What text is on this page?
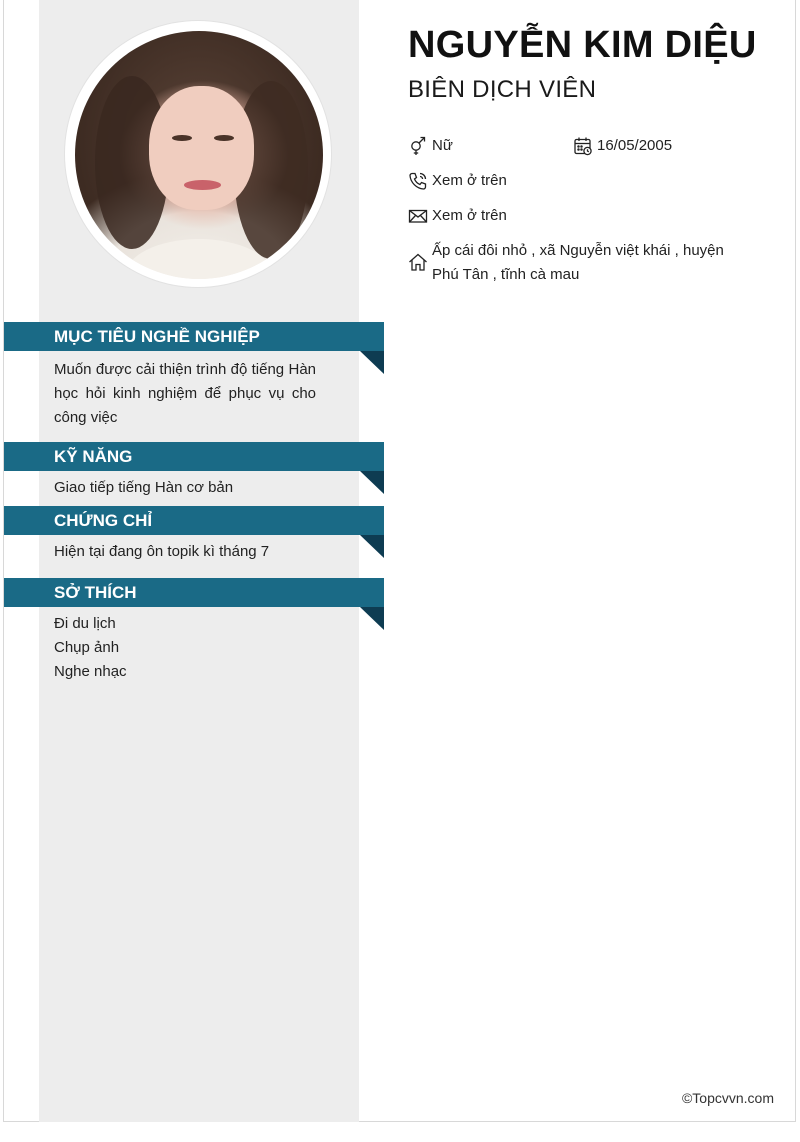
MỤC TIÊU NGHỀ NGHIỆP

Muốn được cải thiện trình độ tiếng Hàn học hỏi kinh nghiệm để phục vụ cho công việc

KỸ NĂNG

Giao tiếp tiếng Hàn cơ bản

CHỨNG CHỈ

Hiện tại đang ôn topik kì tháng 7

SỞ THÍCH

Đi du lịch

Chụp ảnh

Nghe nhạc

NGUYỄN KIM DIỆU
BIÊN DỊCH VIÊN
Nữ	16/05/2005
Xem ở trên
Xem ở trên
Ấp cái đôi nhỏ , xã Nguyễn việt khái , huyện Phú Tân , tĩnh cà mau
©Topcvvn.com
